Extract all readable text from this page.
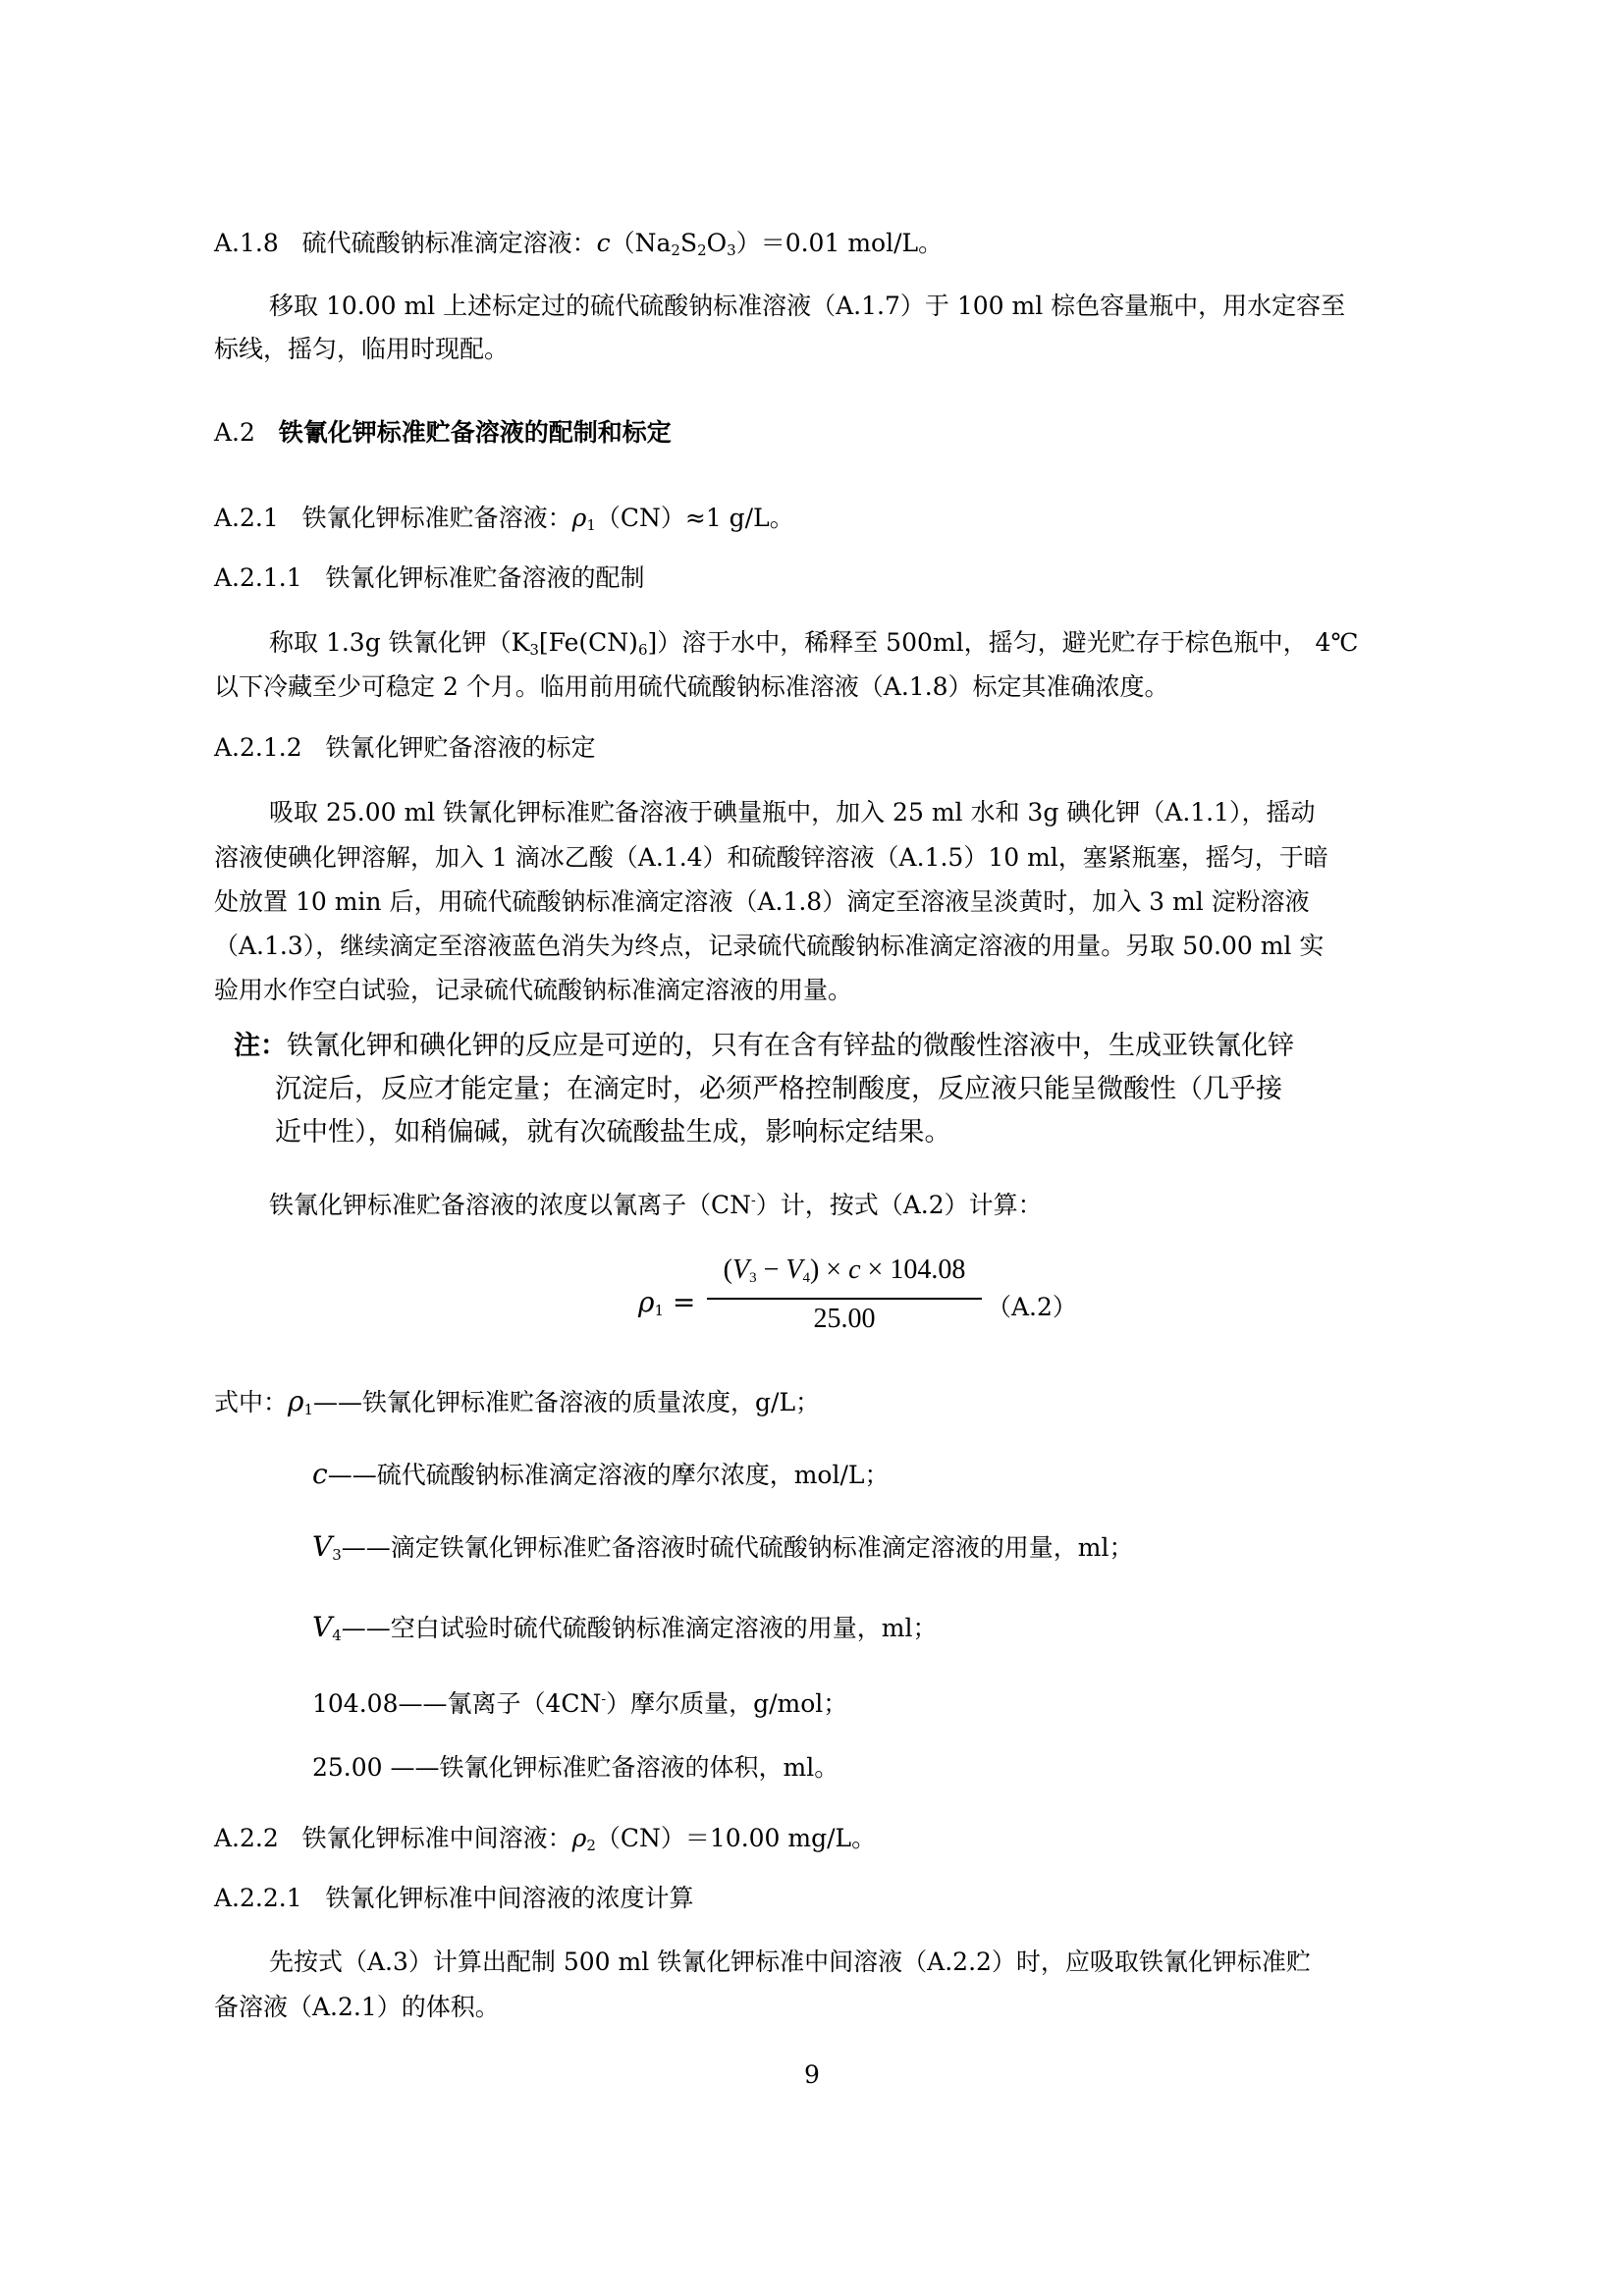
A.1.8 硫代硫酸钠标准滴定溶液：$c(Na_2S_2O_3)=0.01$ mol/L。
移取 10.00 ml 上述标定过的硫代硫酸钠标准溶液（A.1.7）于 100 ml 棕色容量瓶中，用水定容至
标线，摇匀，临用时现配。
A.2 铁氰化钾标准贮备溶液的配制和标定
A.2.1 铁氰化钾标准贮备溶液：$\rho_1(CN)\approx 1$ g/L。
A.2.1.1 铁氰化钾标准贮备溶液的配制
称取 1.3g 铁氰化钾$(K_3[Fe(CN)_6])$溶于水中，稀释至 500ml，摇匀，避光贮存于棕色瓶中， 4℃
以下冷藏至少可稳定 2 个月。临用前用硫代硫酸钠标准溶液（A.1.8）标定其准确浓度。
A.2.1.2 铁氰化钾贮备溶液的标定
吸取 25.00 ml 铁氰化钾标准贮备溶液于碘量瓶中，加入 25 ml 水和 3g 碘化钾（A.1.1），摇动
溶液使碘化钾溶解，加入 1 滴冰乙酸（A.1.4）和硫酸锌溶液（A.1.5）10 ml，塞紧瓶塞，摇匀，于暗
处放置 10 min 后，用硫代硫酸钠标准滴定溶液（A.1.8）滴定至溶液呈淡黄时，加入 3 ml 淀粉溶液
（A.1.3），继续滴定至溶液蓝色消失为终点，记录硫代硫酸钠标准滴定溶液的用量。另取 50.00 ml 实
验用水作空白试验，记录硫代硫酸钠标准滴定溶液的用量。
注：铁氰化钾和碘化钾的反应是可逆的，只有在含有锌盐的微酸性溶液中，生成亚铁氰化锌
沉淀后，反应才能定量；在滴定时，必须严格控制酸度，反应液只能呈微酸性（几乎接
近中性），如稍偏碱，就有次硫酸盐生成，影响标定结果。
铁氰化钾标准贮备溶液的浓度以氰离子（CN-）计，按式（A.2）计算：
$\rho_1$ =
$(V_3 - V_4) \times c \times 104.08$
25.00	（A.2）
式中：$\rho_1——$铁氰化钾标准贮备溶液的质量浓度，g/L；
c——硫代硫酸钠标准滴定溶液的摩尔浓度，mol/L；
$V_3——$滴定铁氰化钾标准贮备溶液时硫代硫酸钠标准滴定溶液的用量，ml；
$V_4——$空白试验时硫代硫酸钠标准滴定溶液的用量，ml；
104.08——氰离子（4CN-）摩尔质量，g/mol；
25.00 ——铁氰化钾标准贮备溶液的体积，ml。
A.2.2 铁氰化钾标准中间溶液：$\rho_2(CN)=10.00$ mg/L。
A.2.2.1 铁氰化钾标准中间溶液的浓度计算
先按式（A.3）计算出配制 500 ml 铁氰化钾标准中间溶液（A.2.2）时，应吸取铁氰化钾标准贮
备溶液（A.2.1）的体积。
9
